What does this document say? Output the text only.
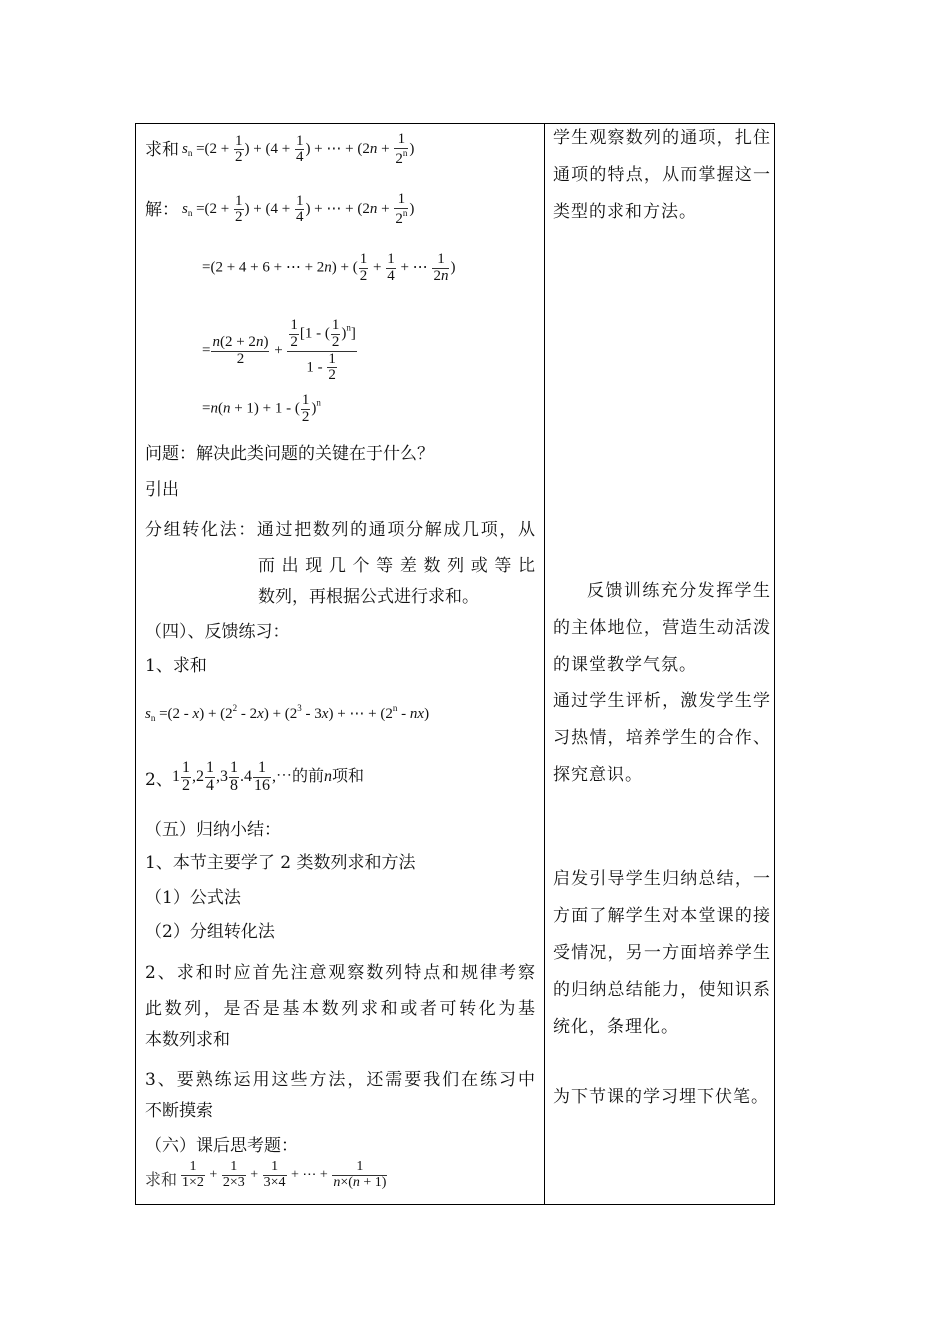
求和 $s_n =(2 + \frac{1}{2}$ ) + ($4 + \frac{1}{4}$ ) + ⋯ + ($2n + \frac{1}{2^n}$ )
解： $s_n =(2 + \frac{1}{2}$ ) + ($4 + \frac{1}{4}$ ) + ⋯ + ($2n + \frac{1}{2^n}$ )
=(2 + 4 + 6 + ⋯ + 2n) + ( $\frac{1}{2} + \frac{1}{4}$ + ⋯ $\frac{1}{2n}$ )
= $\frac{n(2 + 2n)}{2} + \frac{\frac{1}{2} [1 - ( \frac{1}{2} )^n]}{1 - \frac{1}{2}}$
=n(n + 1) + 1 - ( $\frac{1}{2} )^n$
问题：解决此类问题的关键在于什么？
引出
分组转化法：通过把数列的通项分解成几项，从
而出现几个等差数列或等比
数列，再根据公式进行求和。
（四）、反馈练习：
1、求和
$s_n =(2 - x) + (2^2 - 2x) + (2^3 - 3x)$ + ⋯ + $(2^n - nx)$
2、 $1 \frac{1}{2} ,2 \frac{1}{4} ,3 \frac{1}{8} .4 \frac{1}{16}$ ,⋯的前n项和
（五）归纳小结：
1、本节主要学了 2 类数列求和方法
（1）公式法
（2）分组转化法
2、求和时应首先注意观察数列特点和规律考察
此数列，是否是基本数列求和或者可转化为基
本数列求和
3、要熟练运用这些方法，还需要我们在练习中
不断摸索
（六）课后思考题：
求和 $\frac{1}{1\times 2} + \frac{1}{2\times 3} + \frac{1}{3\times 4}$ + ⋯ + $\frac{1}{n\times(n + 1)}$
学生观察数列的通项，扎住通项的特点，从而掌握这一类型的求和方法。
反馈训练充分发挥学生的主体地位，营造生动活泼的课堂教学气氛。
通过学生评析，激发学生学习热情，培养学生的合作、探究意识。
启发引导学生归纳总结，一方面了解学生对本堂课的接受情况，另一方面培养学生的归纳总结能力，使知识系统化，条理化。
为下节课的学习埋下伏笔。
